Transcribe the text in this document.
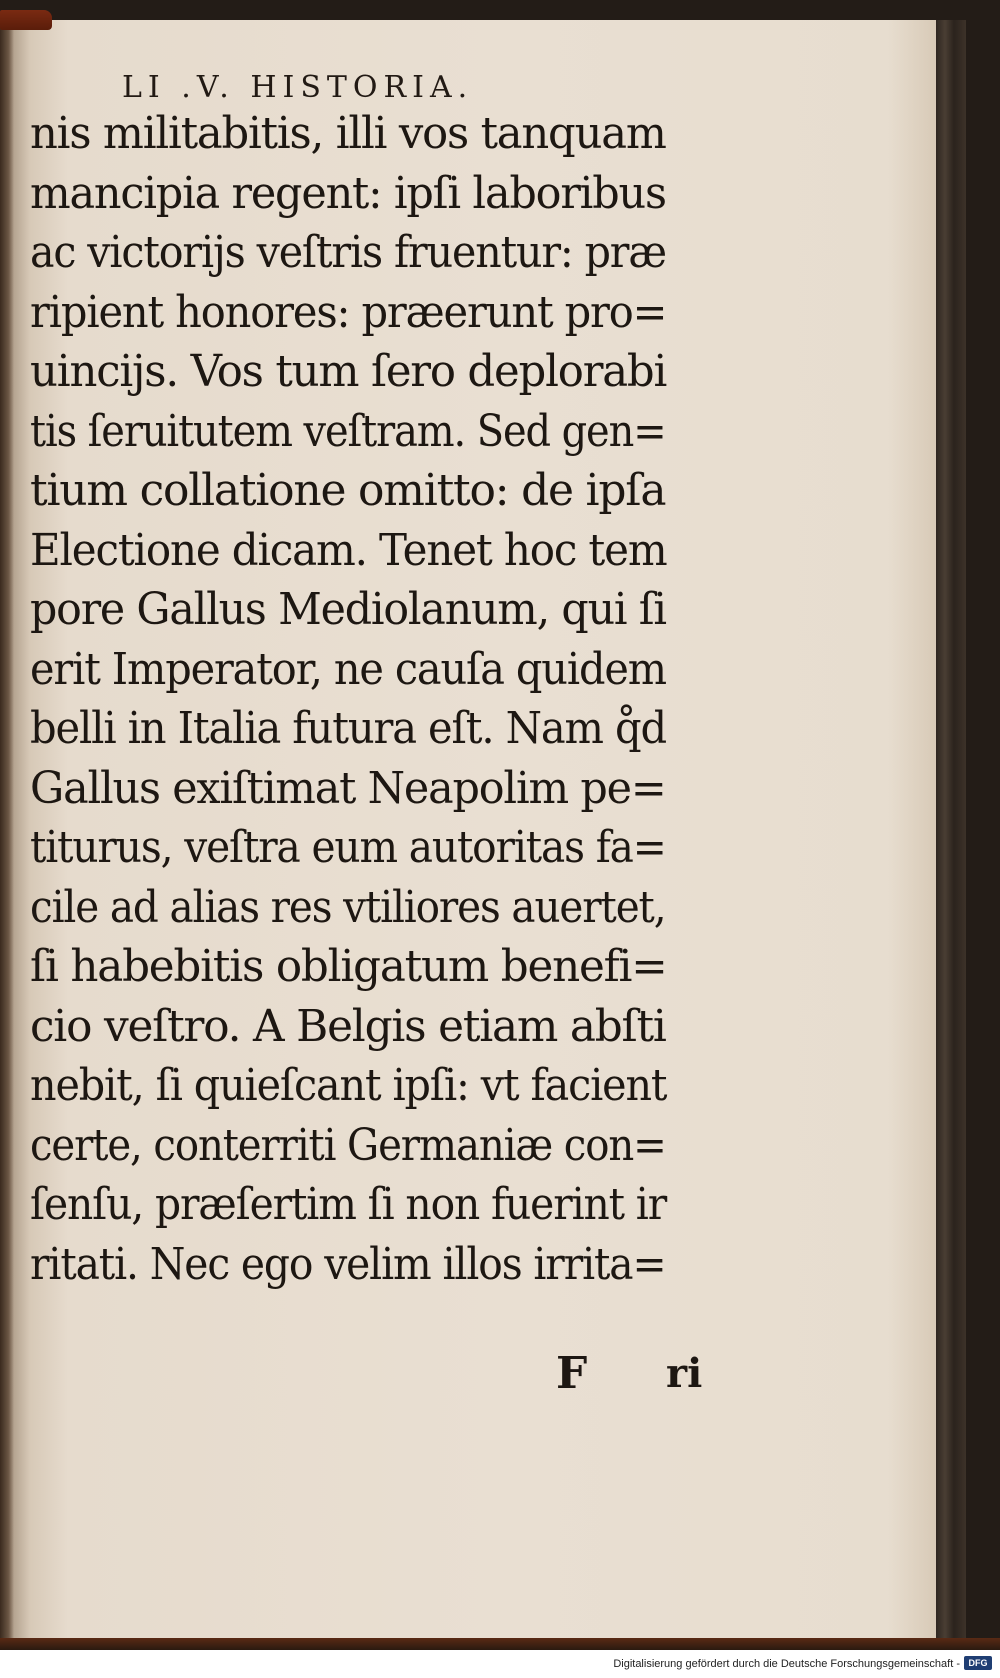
LI .V. HISTORIA.
nis militabitis, illi vos tanquam
mancipia regent: ipſi laboribus
ac victorijs veſtris fruentur: præ
ripient honores: præerunt pro=
uincijs. Vos tum ſero deplorabi
tis ſeruitutem veſtram. Sed gen=
tium collatione omitto: de ipſa
Electione dicam. Tenet hoc tem
pore Gallus Mediolanum, qui ſi
erit Imperator, ne cauſa quidem
belli in Italia futura eſt. Nam q̊d
Gallus exiſtimat Neapolim pe=
titurus, veſtra eum autoritas fa=
cile ad alias res vtiliores auertet,
ſi habebitis obligatum benefi=
cio veſtro. A Belgis etiam abſti
nebit, ſi quieſcant ipſi: vt facient
certe, conterriti Germaniæ con=
ſenſu, præſertim ſi non fuerint ir
ritati. Nec ego velim illos irrita=
F ri
Digitalisierung gefördert durch die Deutsche Forschungsgemeinschaft - DFG
